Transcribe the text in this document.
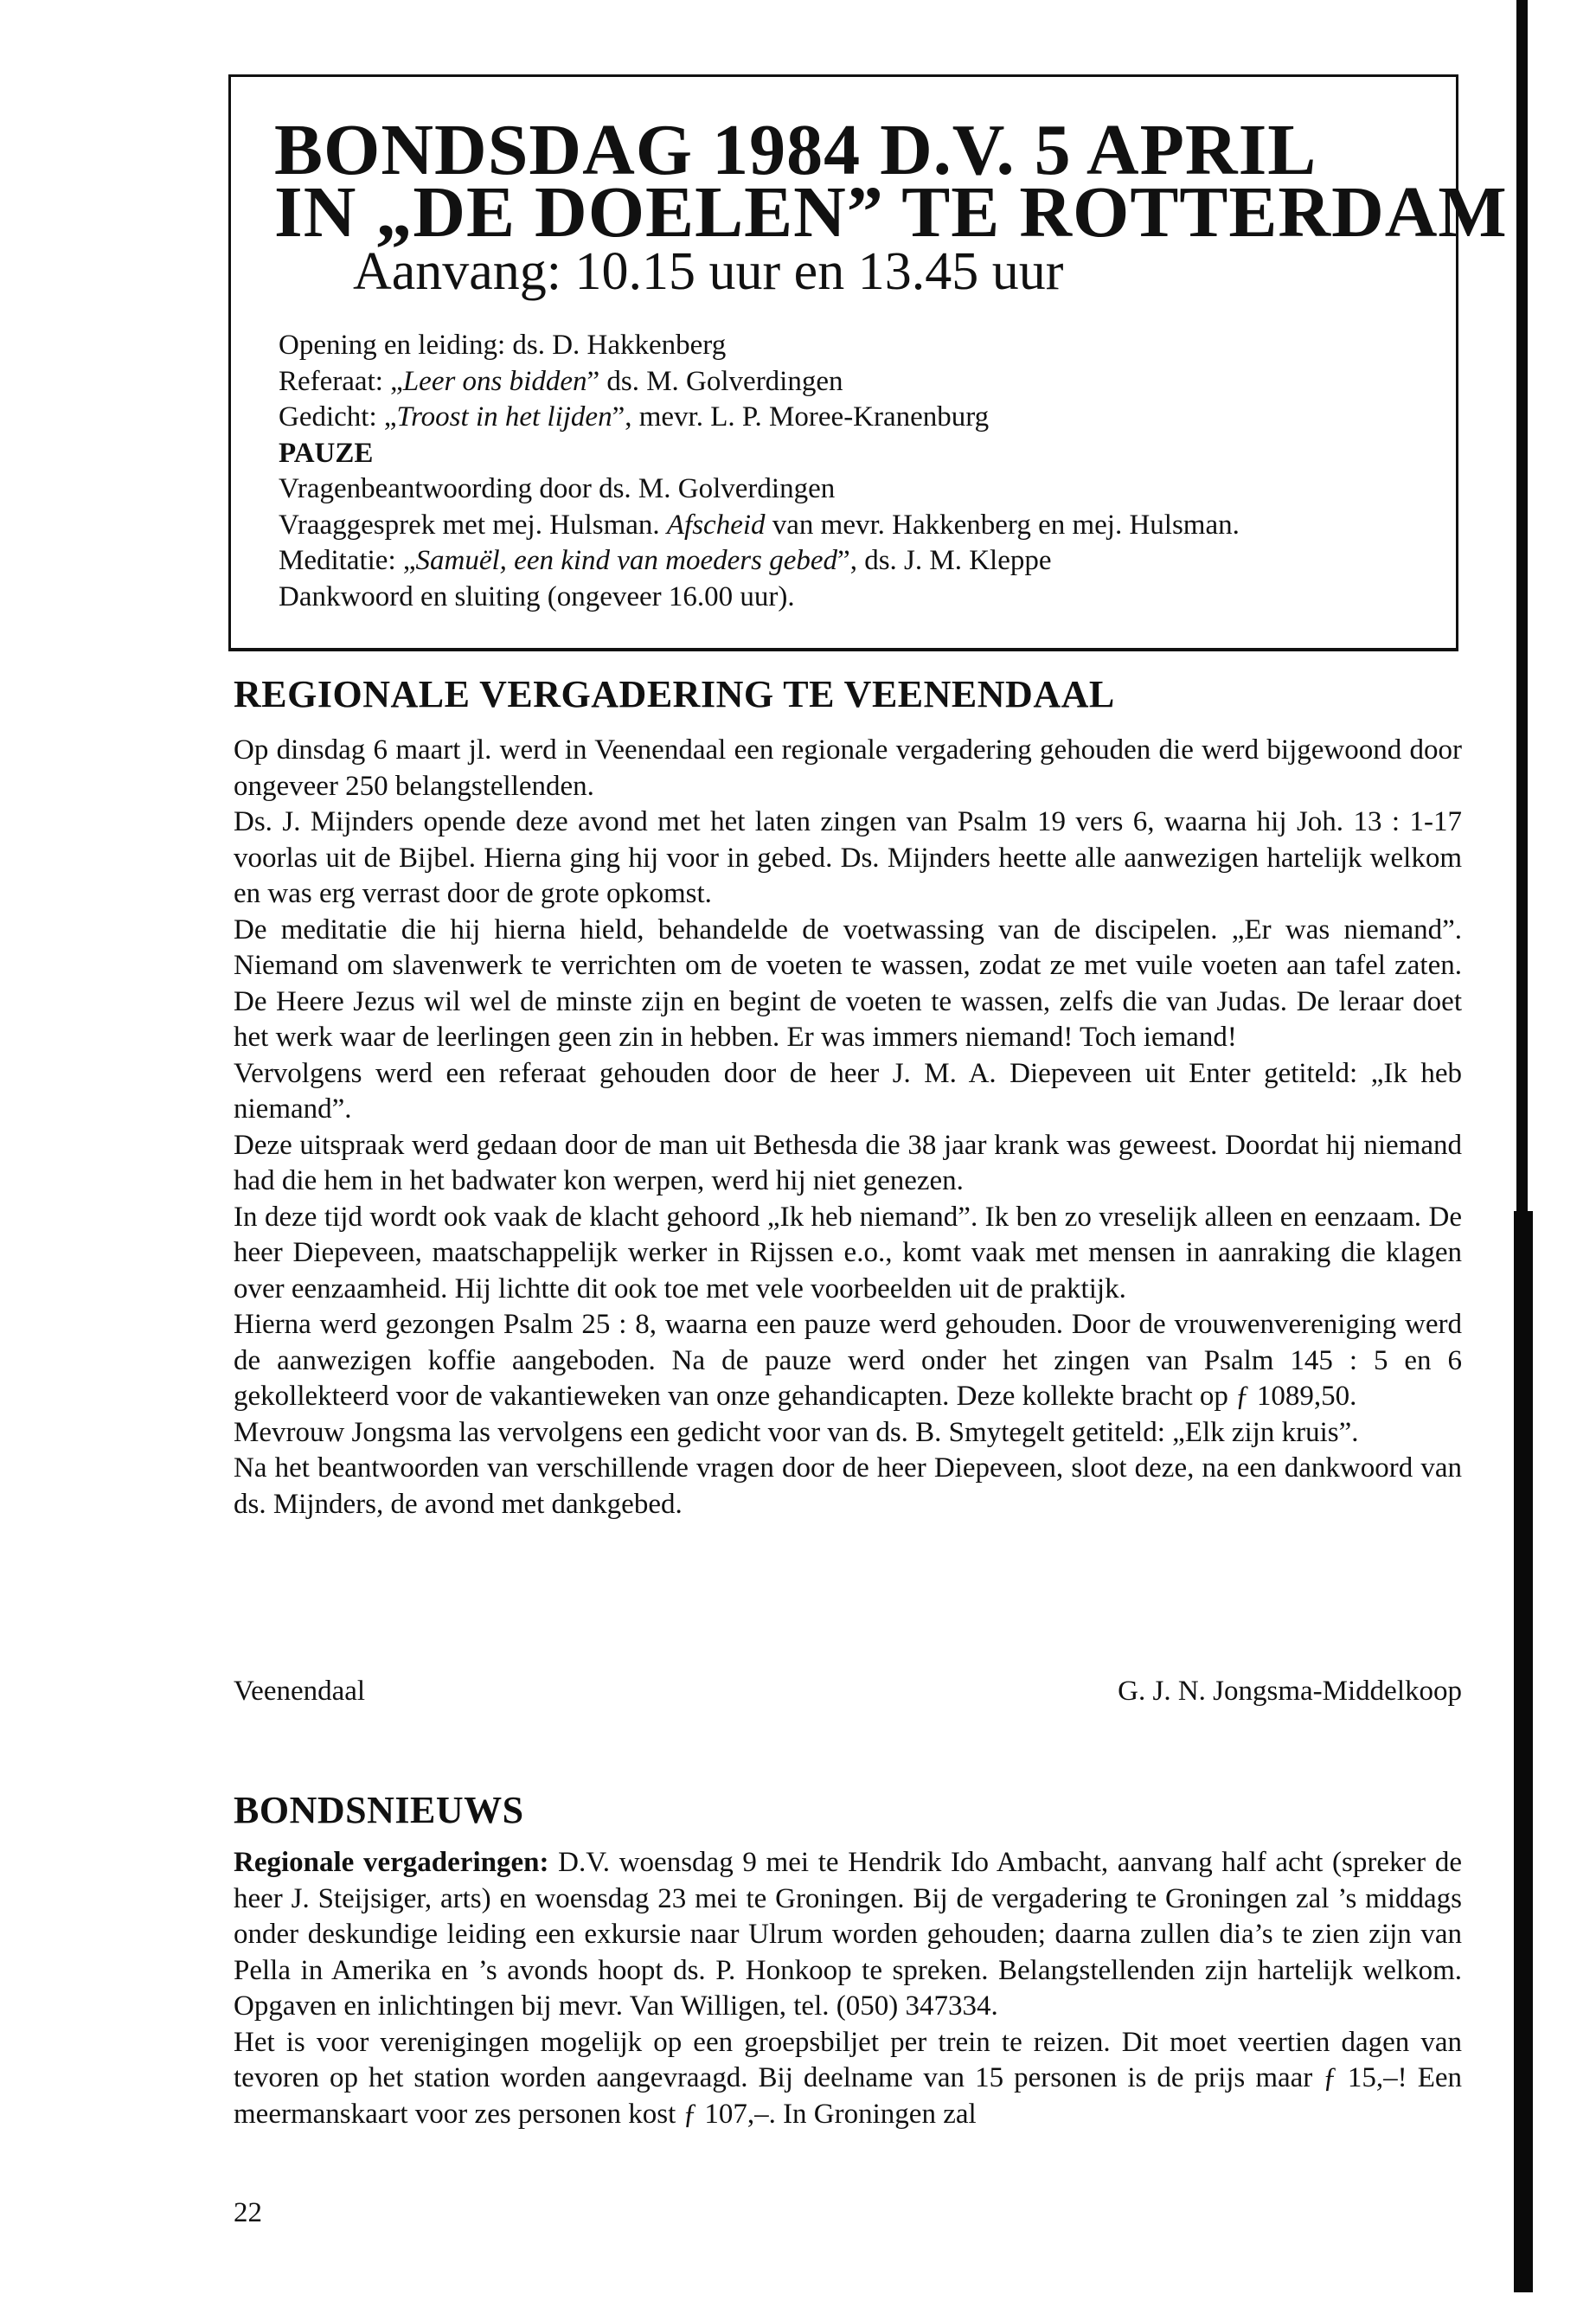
BONDSDAG 1984 D.V. 5 APRIL
IN „DE DOELEN” TE ROTTERDAM
Aanvang: 10.15 uur en 13.45 uur
Opening en leiding: ds. D. Hakkenberg
Referaat: „Leer ons bidden” ds. M. Golverdingen
Gedicht: „Troost in het lijden”, mevr. L. P. Moree-Kranenburg
PAUZE
Vragenbeantwoording door ds. M. Golverdingen
Vraaggesprek met mej. Hulsman. Afscheid van mevr. Hakkenberg en mej. Hulsman.
Meditatie: „Samuël, een kind van moeders gebed”, ds. J. M. Kleppe
Dankwoord en sluiting (ongeveer 16.00 uur).
REGIONALE VERGADERING TE VEENENDAAL

Op dinsdag 6 maart jl. werd in Veenendaal een regionale vergadering gehouden die werd bijgewoond door ongeveer 250 belangstellenden.

Ds. J. Mijnders opende deze avond met het laten zingen van Psalm 19 vers 6, waarna hij Joh. 13 : 1-17 voorlas uit de Bijbel. Hierna ging hij voor in gebed. Ds. Mijnders heette alle aanwezigen hartelijk welkom en was erg verrast door de grote opkomst.

De meditatie die hij hierna hield, behandelde de voetwassing van de discipelen. „Er was niemand”. Niemand om slavenwerk te verrichten om de voeten te wassen, zodat ze met vuile voeten aan tafel zaten. De Heere Jezus wil wel de minste zijn en begint de voeten te wassen, zelfs die van Judas. De leraar doet het werk waar de leerlingen geen zin in hebben. Er was immers niemand! Toch iemand!

Vervolgens werd een referaat gehouden door de heer J. M. A. Diepeveen uit Enter getiteld: „Ik heb niemand”.

Deze uitspraak werd gedaan door de man uit Bethesda die 38 jaar krank was geweest. Doordat hij niemand had die hem in het badwater kon werpen, werd hij niet genezen.

In deze tijd wordt ook vaak de klacht gehoord „Ik heb niemand”. Ik ben zo vreselijk alleen en eenzaam. De heer Diepeveen, maatschappelijk werker in Rijssen e.o., komt vaak met mensen in aanraking die klagen over eenzaamheid. Hij lichtte dit ook toe met vele voorbeelden uit de praktijk.

Hierna werd gezongen Psalm 25 : 8, waarna een pauze werd gehouden. Door de vrouwenvereniging werd de aanwezigen koffie aangeboden. Na de pauze werd onder het zingen van Psalm 145 : 5 en 6 gekollekteerd voor de vakantieweken van onze gehandicapten. Deze kollekte bracht op ƒ 1089,50.

Mevrouw Jongsma las vervolgens een gedicht voor van ds. B. Smytegelt getiteld: „Elk zijn kruis”.

Na het beantwoorden van verschillende vragen door de heer Diepeveen, sloot deze, na een dankwoord van ds. Mijnders, de avond met dankgebed.

Veenendaal	G. J. N. Jongsma-Middelkoop
BONDSNIEUWS

Regionale vergaderingen: D.V. woensdag 9 mei te Hendrik Ido Ambacht, aanvang half acht (spreker de heer J. Steijsiger, arts) en woensdag 23 mei te Groningen. Bij de vergadering te Groningen zal ’s middags onder deskundige leiding een exkursie naar Ulrum worden gehouden; daarna zullen dia’s te zien zijn van Pella in Amerika en ’s avonds hoopt ds. P. Honkoop te spreken. Belangstellenden zijn hartelijk welkom. Opgaven en inlichtingen bij mevr. Van Willigen, tel. (050) 347334.

Het is voor verenigingen mogelijk op een groepsbiljet per trein te reizen. Dit moet veertien dagen van tevoren op het station worden aangevraagd. Bij deelname van 15 personen is de prijs maar ƒ 15,–! Een meermanskaart voor zes personen kost ƒ 107,–. In Groningen zal

22
